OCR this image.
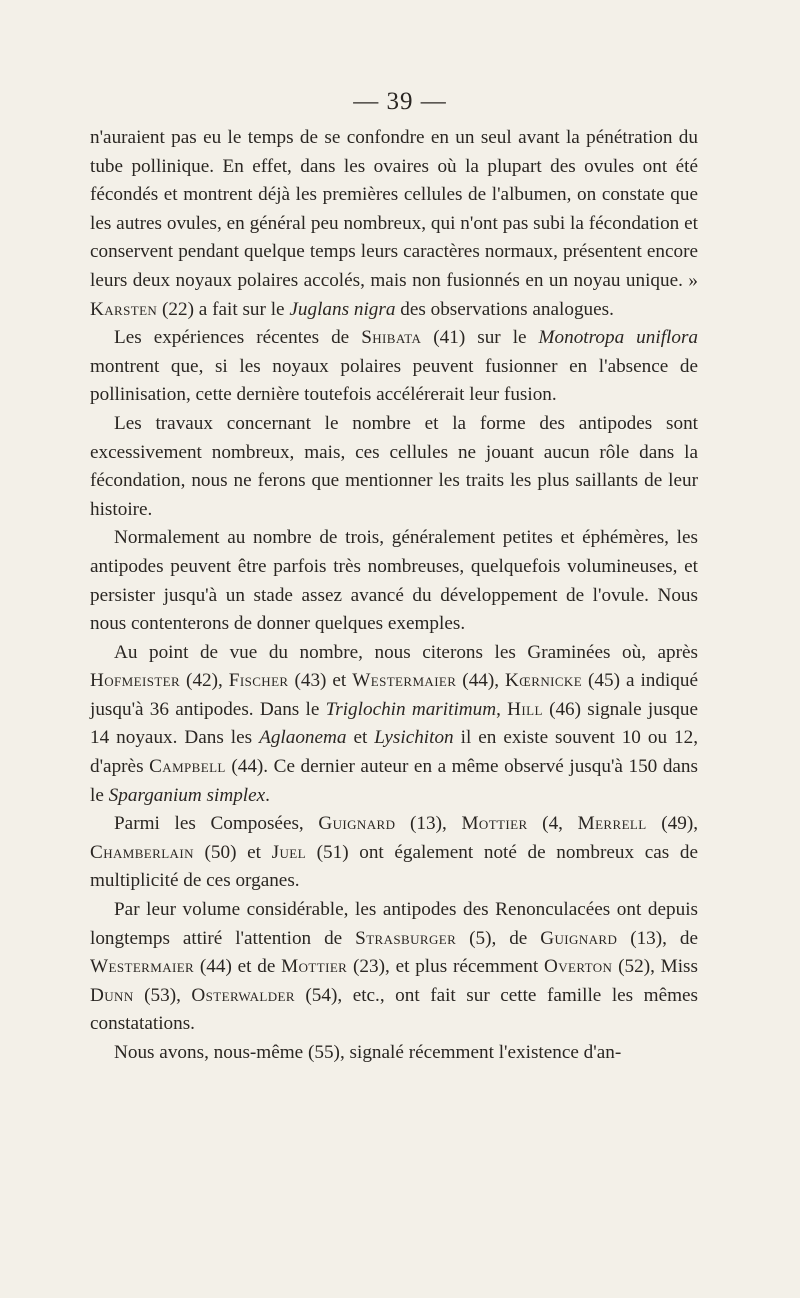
— 39 —

n'auraient pas eu le temps de se confondre en un seul avant la pénétration du tube pollinique. En effet, dans les ovaires où la plupart des ovules ont été fécondés et montrent déjà les premières cellules de l'albumen, on constate que les autres ovules, en général peu nombreux, qui n'ont pas subi la fécondation et conservent pendant quelque temps leurs caractères normaux, présentent encore leurs deux noyaux polaires accolés, mais non fusionnés en un noyau unique. » Karsten (22) a fait sur le Juglans nigra des observations analogues.

Les expériences récentes de Shibata (41) sur le Monotropa uniflora montrent que, si les noyaux polaires peuvent fusionner en l'absence de pollinisation, cette dernière toutefois accélérerait leur fusion.

Les travaux concernant le nombre et la forme des antipodes sont excessivement nombreux, mais, ces cellules ne jouant aucun rôle dans la fécondation, nous ne ferons que mentionner les traits les plus saillants de leur histoire.

Normalement au nombre de trois, généralement petites et éphémères, les antipodes peuvent être parfois très nombreuses, quelquefois volumineuses, et persister jusqu'à un stade assez avancé du développement de l'ovule. Nous nous contenterons de donner quelques exemples.

Au point de vue du nombre, nous citerons les Graminées où, après Hofmeister (42), Fischer (43) et Westermaier (44), Kœrnicke (45) a indiqué jusqu'à 36 antipodes. Dans le Triglochin maritimum, Hill (46) signale jusque 14 noyaux. Dans les Aglaonema et Lysichiton il en existe souvent 10 ou 12, d'après Campbell (44). Ce dernier auteur en a même observé jusqu'à 150 dans le Sparganium simplex.

Parmi les Composées, Guignard (13), Mottier (4, Merrell (49), Chamberlain (50) et Juel (51) ont également noté de nombreux cas de multiplicité de ces organes.

Par leur volume considérable, les antipodes des Renonculacées ont depuis longtemps attiré l'attention de Strasburger (5), de Guignard (13), de Westermaier (44) et de Mottier (23), et plus récemment Overton (52), Miss Dunn (53), Osterwalder (54), etc., ont fait sur cette famille les mêmes constatations.

Nous avons, nous-même (55), signalé récemment l'existence d'an-
